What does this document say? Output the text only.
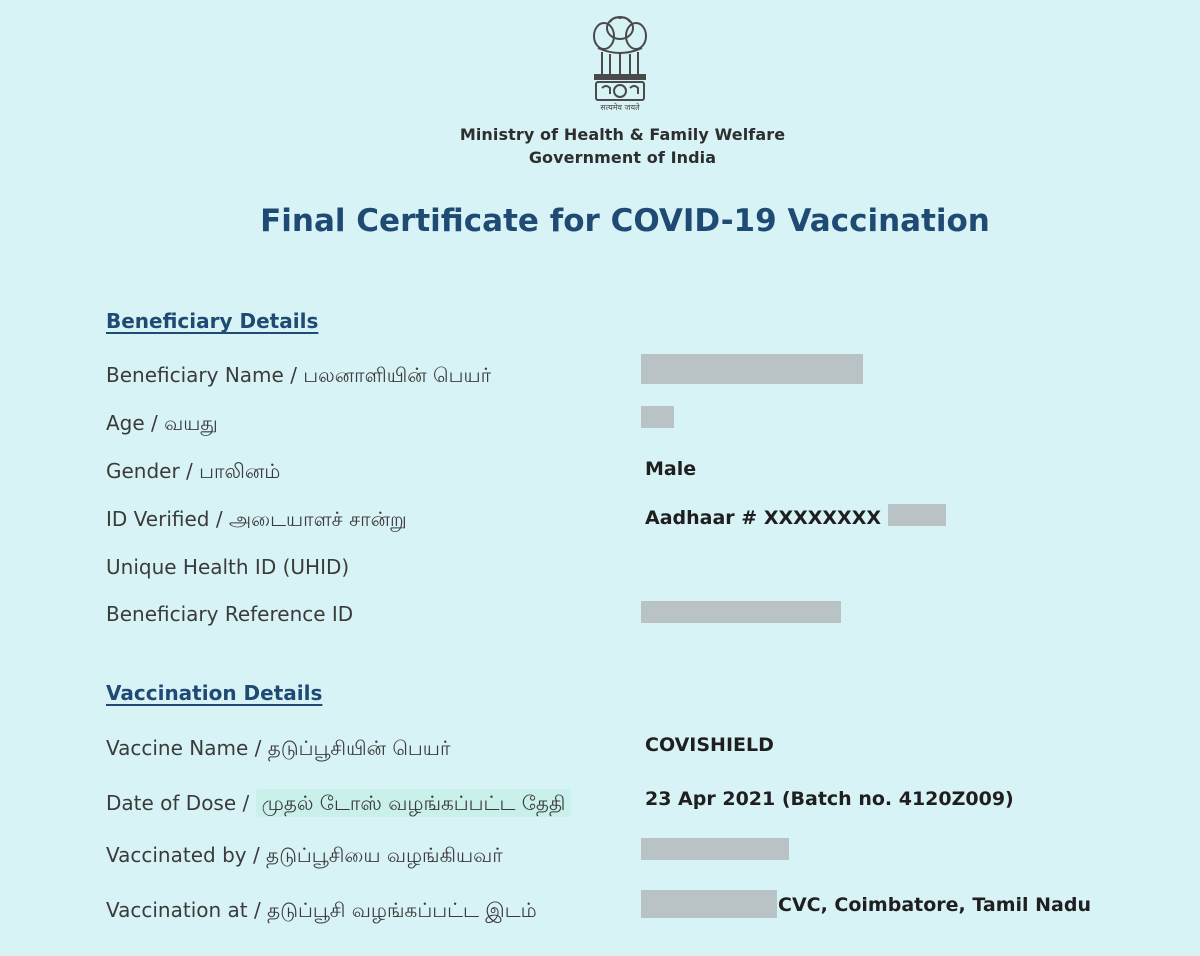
सत्यमेव जयते
Ministry of Health & Family Welfare
Government of India
Final Certificate for COVID-19 Vaccination
Beneficiary Details
Beneficiary Name / பலனாளியின் பெயர்
Age / வயது
Gender / பாலினம்	Male
ID Verified / அடையாளச் சான்று	Aadhaar # XXXXXXXX
Unique Health ID (UHID)
Beneficiary Reference ID
Vaccination Details
Vaccine Name / தடுப்பூசியின் பெயர்	COVISHIELD
Date of Dose / முதல் டோஸ் வழங்கப்பட்ட தேதி	23 Apr 2021 (Batch no. 4120Z009)
Vaccinated by / தடுப்பூசியை வழங்கியவர்
Vaccination at / தடுப்பூசி வழங்கப்பட்ட இடம்	CVC, Coimbatore, Tamil Nadu
